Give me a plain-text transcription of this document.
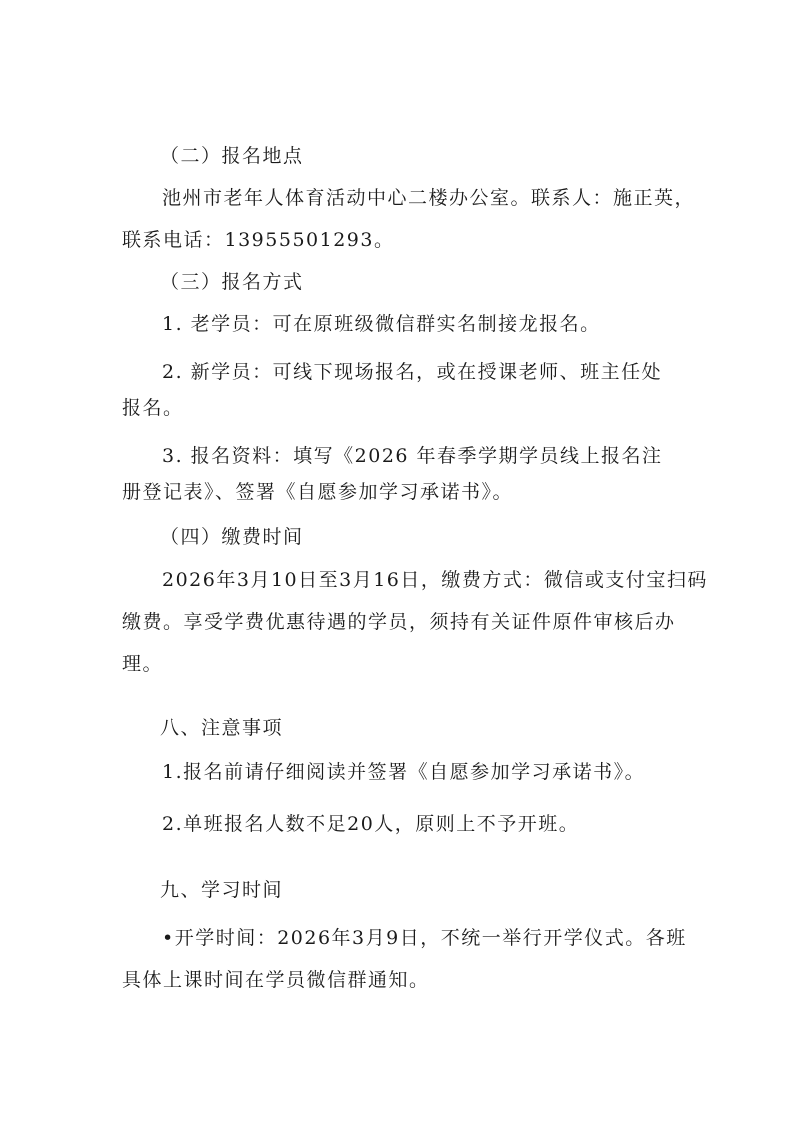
（二）报名地点
池州市老年人体育活动中心二楼办公室。联系人：施正英，
联系电话：13955501293。
（三）报名方式
1. 老学员：可在原班级微信群实名制接龙报名。
2. 新学员：可线下现场报名，或在授课老师、班主任处
报名。
3. 报名资料：填写《2026 年春季学期学员线上报名注
册登记表》、签署《自愿参加学习承诺书》。
（四）缴费时间
2026年3月10日至3月16日，缴费方式：微信或支付宝扫码
缴费。享受学费优惠待遇的学员，须持有关证件原件审核后办
理。
八、注意事项
1.报名前请仔细阅读并签署《自愿参加学习承诺书》。
2.单班报名人数不足20人，原则上不予开班。
九、学习时间
•开学时间：2026年3月9日，不统一举行开学仪式。各班
具体上课时间在学员微信群通知。
